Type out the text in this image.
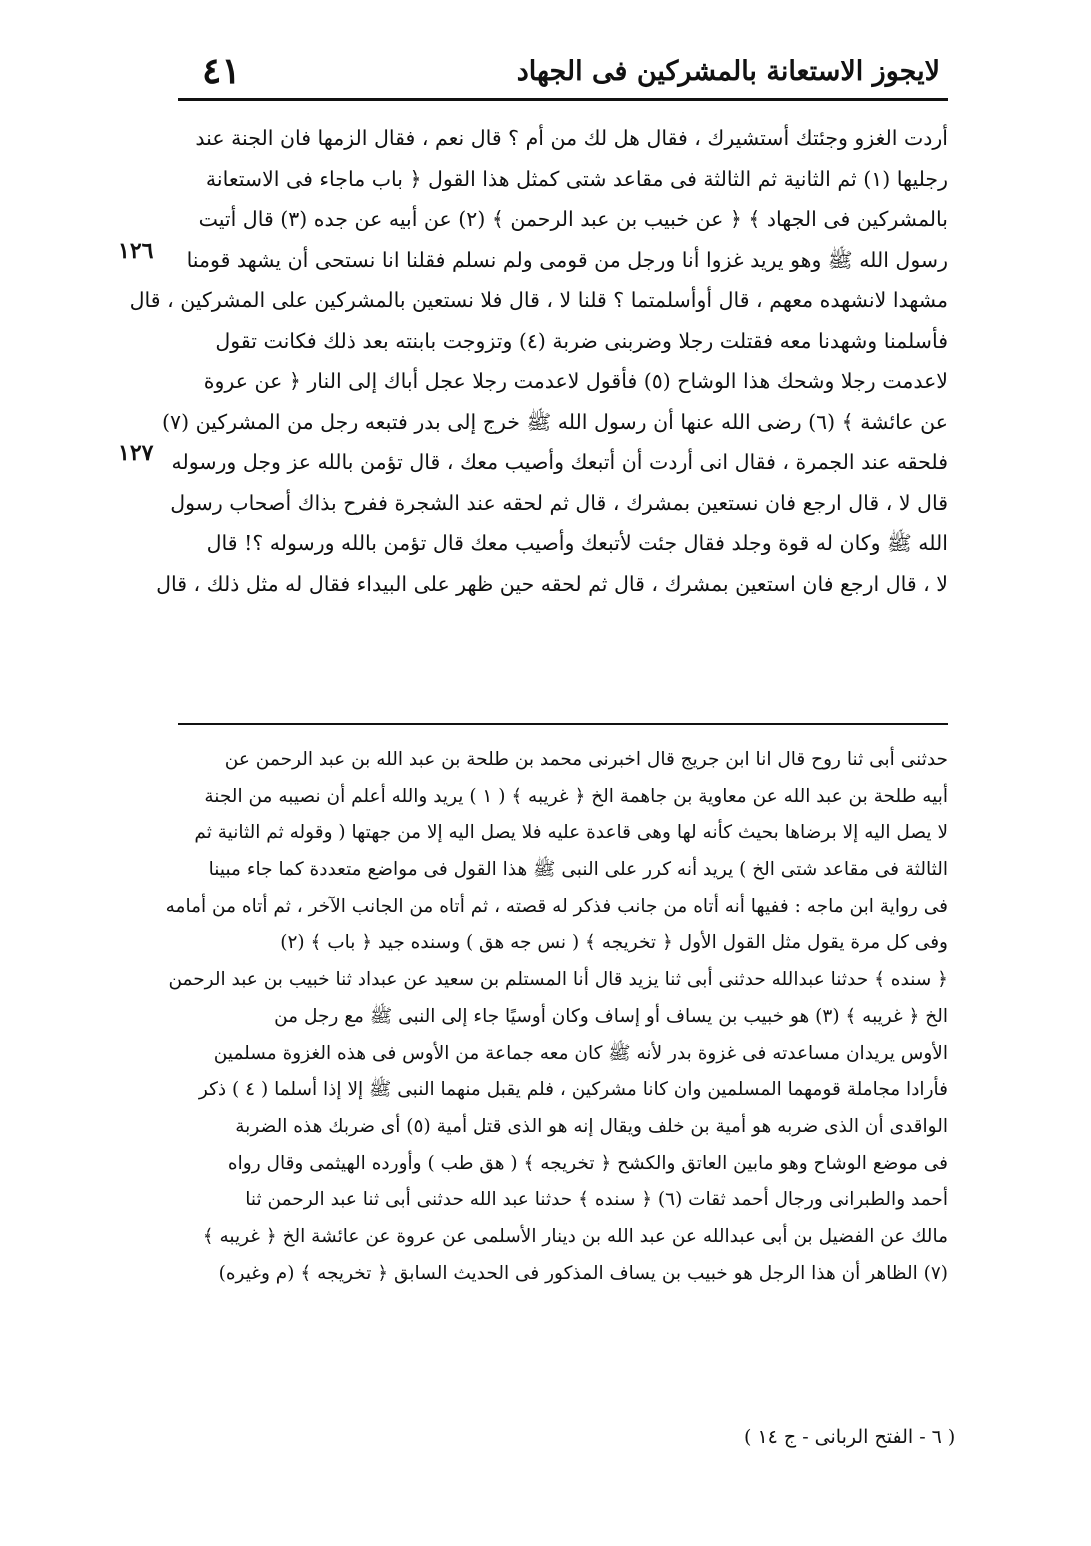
لايجوز الاستعانة بالمشركين فى الجهاد
٤١
١٢٦
١٢٧
أردت الغزو وجئتك أستشيرك ، فقال هل لك من أم ؟ قال نعم ، فقال الزمها فان الجنة عند
رجليها (١) ثم الثانية ثم الثالثة فى مقاعد شتى كمثل هذا القول ﴿ باب ماجاء فى الاستعانة
بالمشركين فى الجهاد ﴾ ﴿ عن خبيب بن عبد الرحمن ﴾ (٢) عن أبيه عن جده (٣) قال أتيت
رسول الله ﷺ وهو يريد غزوا أنا ورجل من قومى ولم نسلم فقلنا انا نستحى أن يشهد قومنا
مشهدا لانشهده معهم ، قال أوأسلمتما ؟ قلنا لا ، قال فلا نستعين بالمشركين على المشركين ، قال
فأسلمنا وشهدنا معه فقتلت رجلا وضربنى ضربة (٤) وتزوجت بابنته بعد ذلك فكانت تقول
لاعدمت رجلا وشحك هذا الوشاح (٥) فأقول لاعدمت رجلا عجل أباك إلى النار ﴿ عن عروة
عن عائشة ﴾ (٦) رضى الله عنها أن رسول الله ﷺ خرج إلى بدر فتبعه رجل من المشركين (٧)
فلحقه عند الجمرة ، فقال انى أردت أن أتبعك وأصيب معك ، قال تؤمن بالله عز وجل ورسوله
قال لا ، قال ارجع فان نستعين بمشرك ، قال ثم لحقه عند الشجرة ففرح بذاك أصحاب رسول
الله ﷺ وكان له قوة وجلد فقال جئت لأتبعك وأصيب معك قال تؤمن بالله ورسوله ؟! قال
لا ، قال ارجع فان استعين بمشرك ، قال ثم لحقه حين ظهر على البيداء فقال له مثل ذلك ، قال
حدثنى أبى ثنا روح قال انا ابن جريج قال اخبرنى محمد بن طلحة بن عبد الله بن عبد الرحمن عن
أبيه طلحة بن عبد الله عن معاوية بن جاهمة الخ ﴿ غريبه ﴾ ( ١ ) يريد والله أعلم أن نصيبه من الجنة
لا يصل اليه إلا برضاها بحيث كأنه لها وهى قاعدة عليه فلا يصل اليه إلا من جهتها ( وقوله ثم الثانية ثم
الثالثة فى مقاعد شتى الخ ) يريد أنه كرر على النبى ﷺ هذا القول فى مواضع متعددة كما جاء مبينا
فى رواية ابن ماجه : ففيها أنه أتاه من جانب فذكر له قصته ، ثم أتاه من الجانب الآخر ، ثم أتاه من أمامه
وفى كل مرة يقول مثل القول الأول ﴿ تخريجه ﴾ ( نس جه هق ) وسنده جيد ﴿ باب ﴾ (٢)
﴿ سنده ﴾ حدثنا عبدالله حدثنى أبى ثنا يزيد قال أنا المستلم بن سعيد عن عبداد ثنا خبيب بن عبد الرحمن
الخ ﴿ غريبه ﴾ (٣) هو خبيب بن يساف أو إساف وكان أوسيًا جاء إلى النبى ﷺ مع رجل من
الأوس يريدان مساعدته فى غزوة بدر لأنه ﷺ كان معه جماعة من الأوس فى هذه الغزوة مسلمين
فأرادا مجاملة قومهما المسلمين وان كانا مشركين ، فلم يقبل منهما النبى ﷺ إلا إذا أسلما ( ٤ ) ذكر
الواقدى أن الذى ضربه هو أمية بن خلف ويقال إنه هو الذى قتل أمية (٥) أى ضربك هذه الضربة
فى موضع الوشاح وهو مابين العاتق والكشح ﴿ تخريجه ﴾ ( هق طب ) وأورده الهيثمى وقال رواه
أحمد والطبرانى ورجال أحمد ثقات (٦) ﴿ سنده ﴾ حدثنا عبد الله حدثنى أبى ثنا عبد الرحمن ثنا
مالك عن الفضيل بن أبى عبدالله عن عبد الله بن دينار الأسلمى عن عروة عن عائشة الخ ﴿ غريبه ﴾
(٧) الظاهر أن هذا الرجل هو خبيب بن يساف المذكور فى الحديث السابق ﴿ تخريجه ﴾ (م وغيره)
( ٦ - الفتح الربانى - ج ١٤ )
